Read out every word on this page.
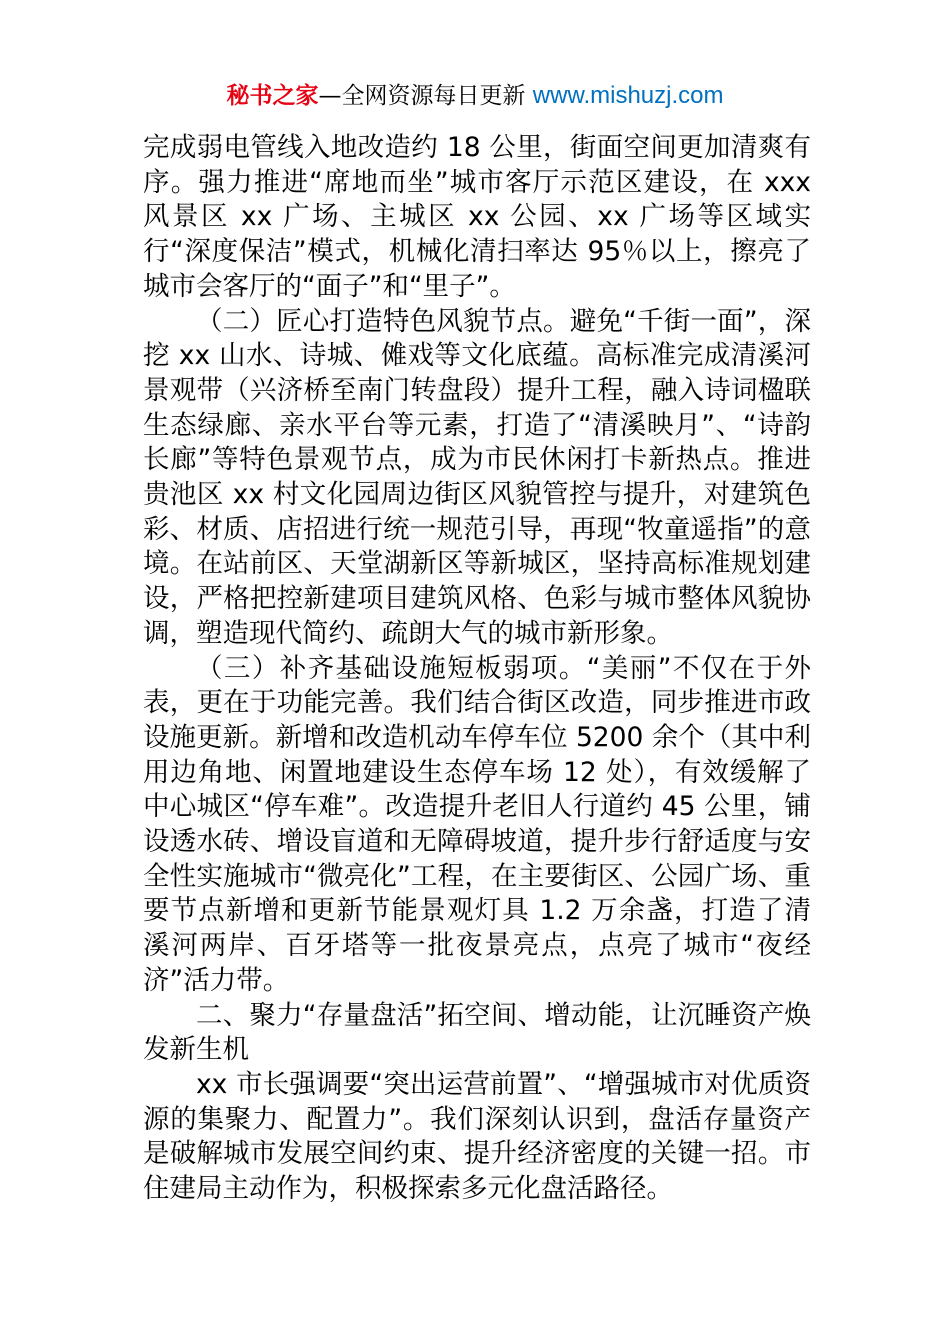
秘书之家—全网资源每日更新 www.mishuzj.com

完成弱电管线入地改造约 18 公里，街面空间更加清爽有序。强力推进“席地而坐”城市客厅示范区建设，在 xxx 风景区 xx 广场、主城区 xx 公园、xx 广场等区域实行“深度保洁”模式，机械化清扫率达 95％以上，擦亮了城市会客厅的“面子”和“里子”。

（二）匠心打造特色风貌节点。避免“千街一面”，深挖 xx 山水、诗城、傩戏等文化底蕴。高标准完成清溪河景观带（兴济桥至南门转盘段）提升工程，融入诗词楹联生态绿廊、亲水平台等元素，打造了“清溪映月”、“诗韵长廊”等特色景观节点，成为市民休闲打卡新热点。推进贵池区 xx 村文化园周边街区风貌管控与提升，对建筑色彩、材质、店招进行统一规范引导，再现“牧童遥指”的意境。在站前区、天堂湖新区等新城区，坚持高标准规划建设，严格把控新建项目建筑风格、色彩与城市整体风貌协调，塑造现代简约、疏朗大气的城市新形象。

（三）补齐基础设施短板弱项。“美丽”不仅在于外表，更在于功能完善。我们结合街区改造，同步推进市政设施更新。新增和改造机动车停车位 5200 余个（其中利用边角地、闲置地建设生态停车场 12 处），有效缓解了中心城区“停车难”。改造提升老旧人行道约 45 公里，铺设透水砖、增设盲道和无障碍坡道，提升步行舒适度与安全性实施城市“微亮化”工程，在主要街区、公园广场、重要节点新增和更新节能景观灯具 1.2 万余盏，打造了清溪河两岸、百牙塔等一批夜景亮点，点亮了城市“夜经济”活力带。

二、聚力“存量盘活”拓空间、增动能，让沉睡资产焕发新生机

xx 市长强调要“突出运营前置”、“增强城市对优质资源的集聚力、配置力”。我们深刻认识到，盘活存量资产是破解城市发展空间约束、提升经济密度的关键一招。市住建局主动作为，积极探索多元化盘活路径。
